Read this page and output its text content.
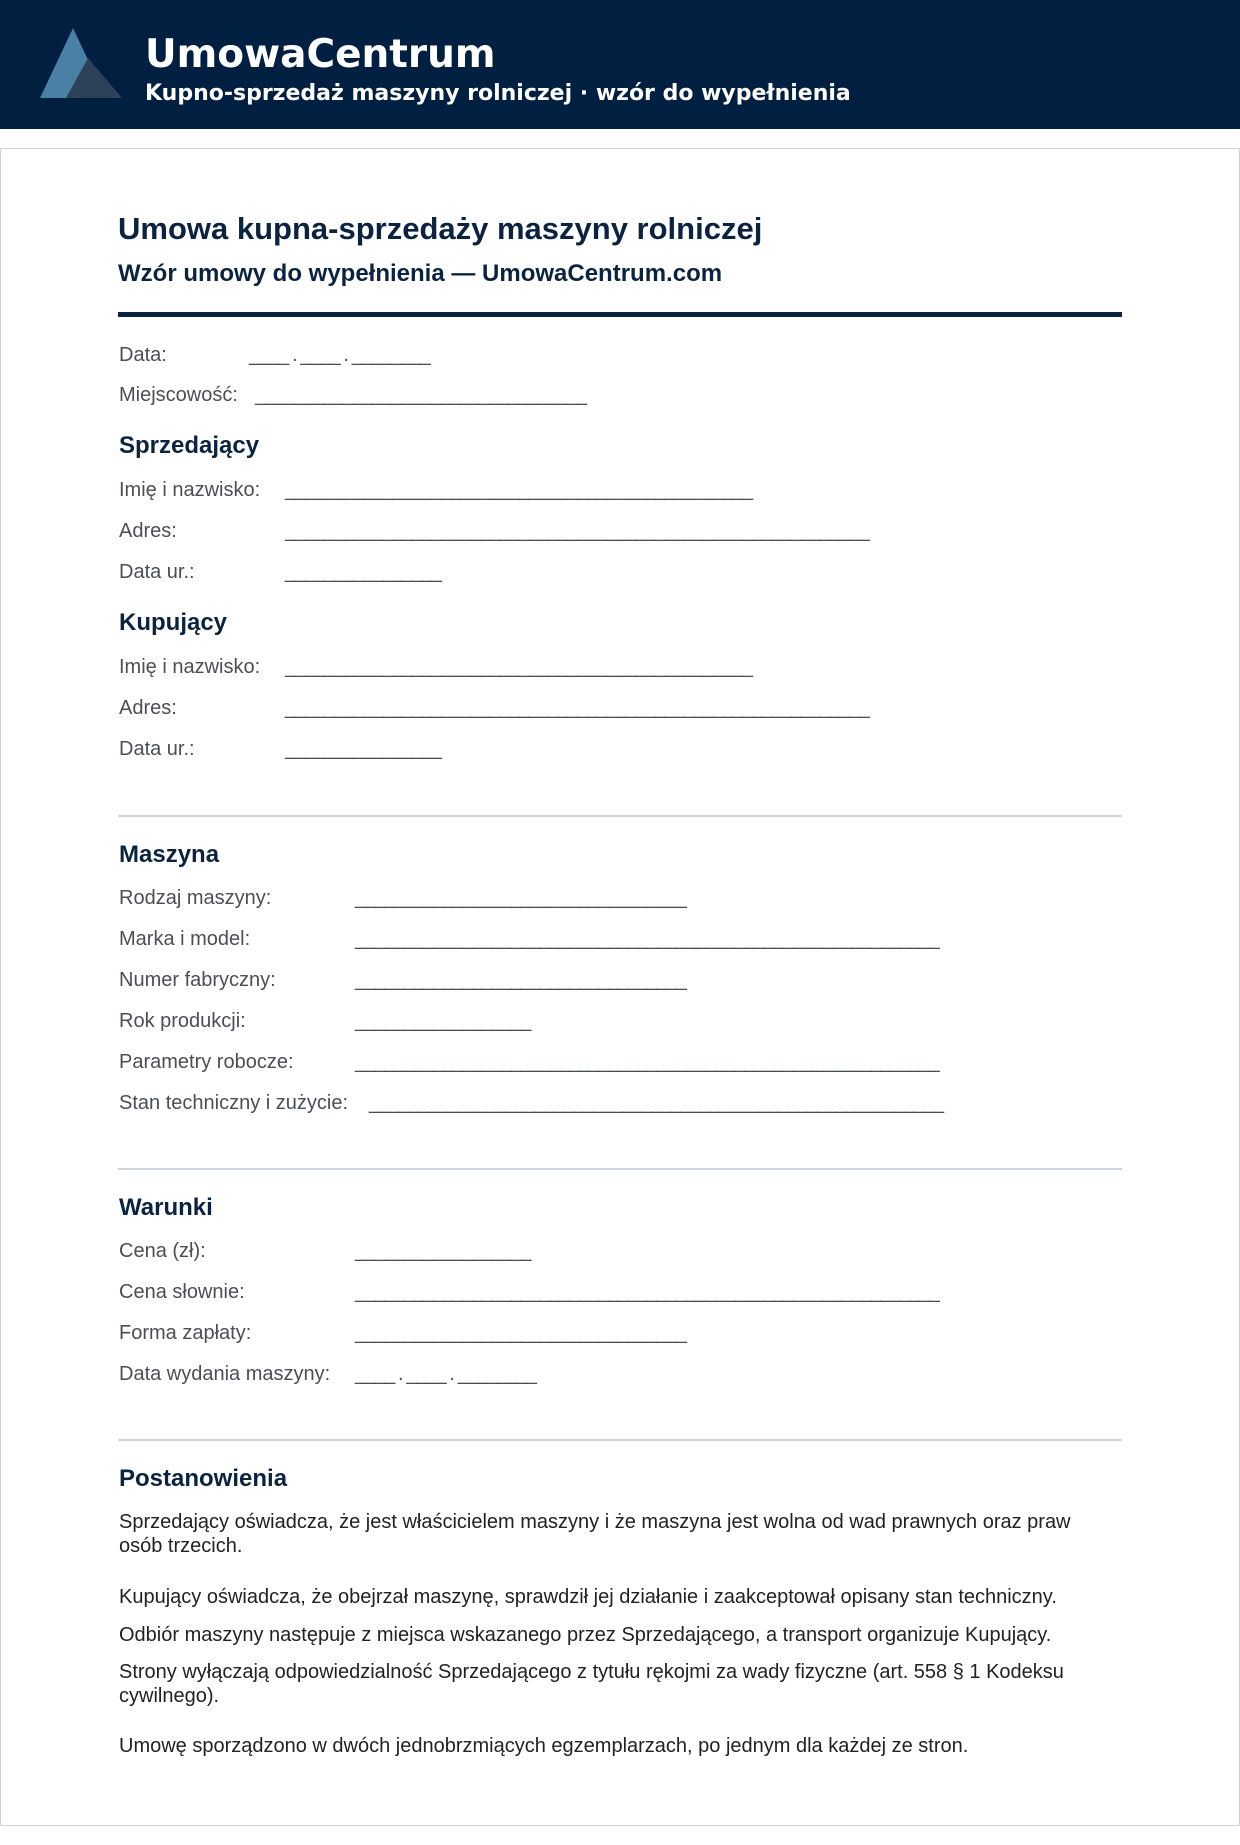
UmowaCentrum
Kupno-sprzedaż maszyny rolniczej · wzór do wypełnienia
Umowa kupna-sprzedaży maszyny rolniczej
Wzór umowy do wypełnienia — UmowaCentrum.com
Data:	____ . ____ . ________
Miejscowość: __________________________________
Sprzedający
Imię i nazwisko: ________________________________________________
Adres:	____________________________________________________________
Data ur.:	________________
Kupujący
Imię i nazwisko: ________________________________________________
Adres:	____________________________________________________________
Data ur.:	________________
Maszyna
Rodzaj maszyny:	__________________________________
Marka i model:	____________________________________________________________
Numer fabryczny:	__________________________________
Rok produkcji:	__________________
Parametry robocze:	____________________________________________________________
Stan techniczny i zużycie: ___________________________________________________________
Warunki
Cena (zł):	__________________
Cena słownie:	____________________________________________________________
Forma zapłaty:	__________________________________
Data wydania maszyny: ____ . ____ . ________
Postanowienia
Sprzedający oświadcza, że jest właścicielem maszyny i że maszyna jest wolna od wad prawnych oraz praw osób trzecich.
Kupujący oświadcza, że obejrzał maszynę, sprawdził jej działanie i zaakceptował opisany stan techniczny.
Odbiór maszyny następuje z miejsca wskazanego przez Sprzedającego, a transport organizuje Kupujący.
Strony wyłączają odpowiedzialność Sprzedającego z tytułu rękojmi za wady fizyczne (art. 558 § 1 Kodeksu cywilnego).
Umowę sporządzono w dwóch jednobrzmiących egzemplarzach, po jednym dla każdej ze stron.
